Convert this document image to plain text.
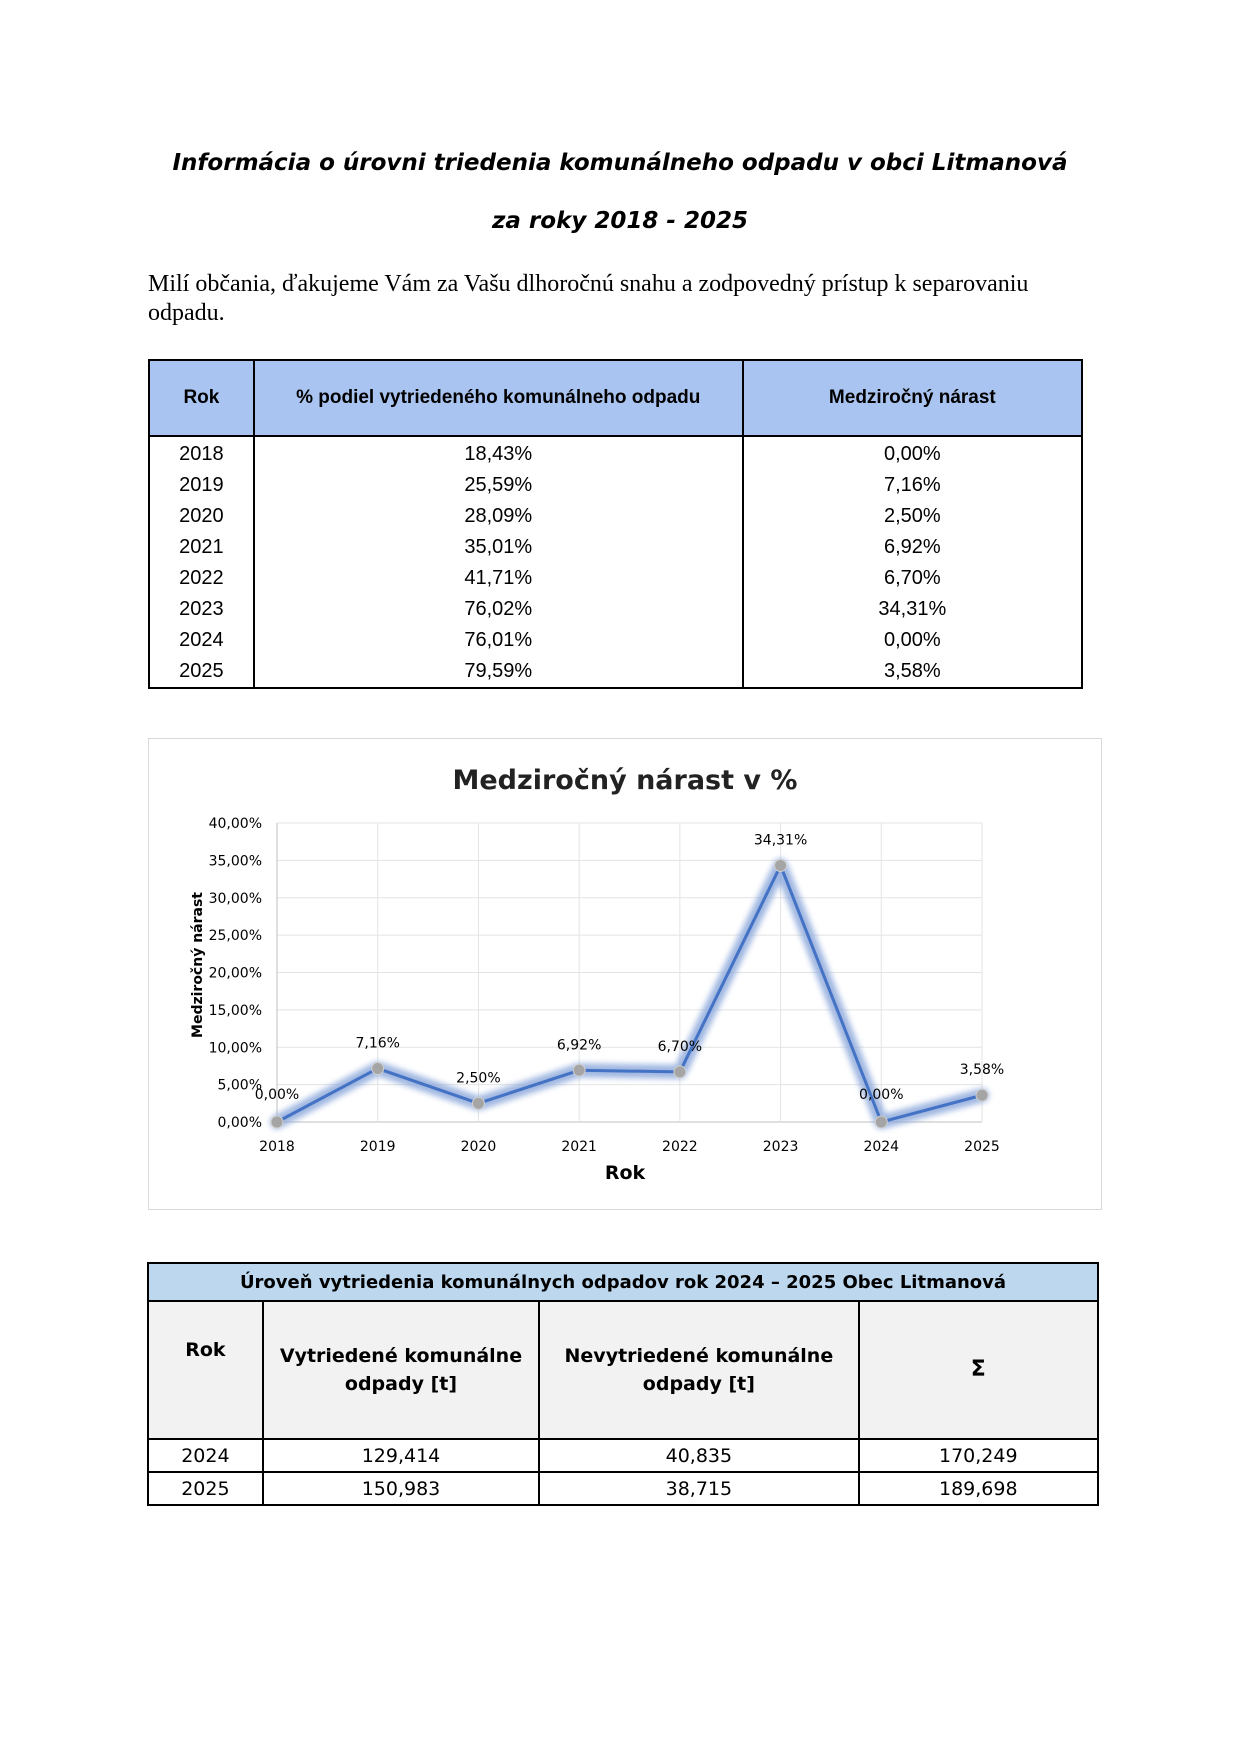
Informácia o úrovni triedenia komunálneho odpadu v obci Litmanová
za roky 2018 - 2025
Milí občania, ďakujeme Vám za Vašu dlhoročnú snahu a zodpovedný prístup k separovaniu odpadu.
Rok	% podiel vytriedeného komunálneho odpadu	Medziročný nárast
2018	18,43%	0,00%
2019	25,59%	7,16%
2020	28,09%	2,50%
2021	35,01%	6,92%
2022	41,71%	6,70%
2023	76,02%	34,31%
2024	76,01%	0,00%
2025	79,59%	3,58%
Medziročný nárast v %
Rok
Medziročný nárast
0,00%
5,00%
10,00%
15,00%
20,00%
25,00%
30,00%
35,00%
40,00%
2018	2019	2020	2021	2022	2023	2024	2025
0,00%
7,16%
2,50%
6,92%	6,70%
34,31%
0,00%
3,58%
Úroveň vytriedenia komunálnych odpadov rok 2024 – 2025 Obec Litmanová			
Rok	Vytriedené komunálne odpady [t]	Nevytriedené komunálne odpady [t]	Σ
2024	129,414	40,835	170,249
2025	150,983	38,715	189,698
